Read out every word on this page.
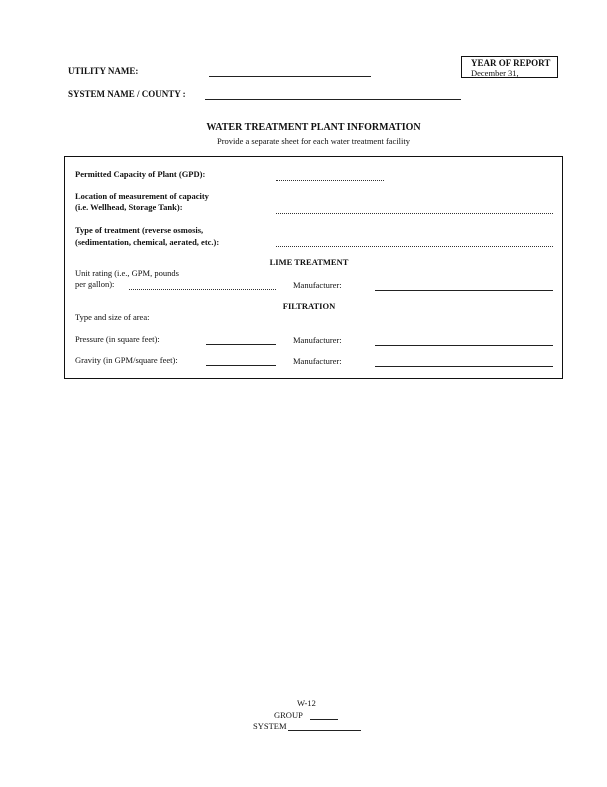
UTILITY NAME:
SYSTEM NAME / COUNTY :
YEAR OF REPORT
December 31,
WATER TREATMENT PLANT INFORMATION
Provide a separate sheet for each water treatment facility
Permitted Capacity of Plant (GPD):
Location of measurement of capacity
(i.e. Wellhead, Storage Tank):
Type of treatment (reverse osmosis,
(sedimentation, chemical, aerated, etc.):
LIME TREATMENT
Unit rating (i.e., GPM, pounds
per gallon):	Manufacturer:
FILTRATION
Type and size of area:
Pressure (in square feet):	Manufacturer:
Gravity (in GPM/square feet):	Manufacturer:
W-12
GROUP
SYSTEM
